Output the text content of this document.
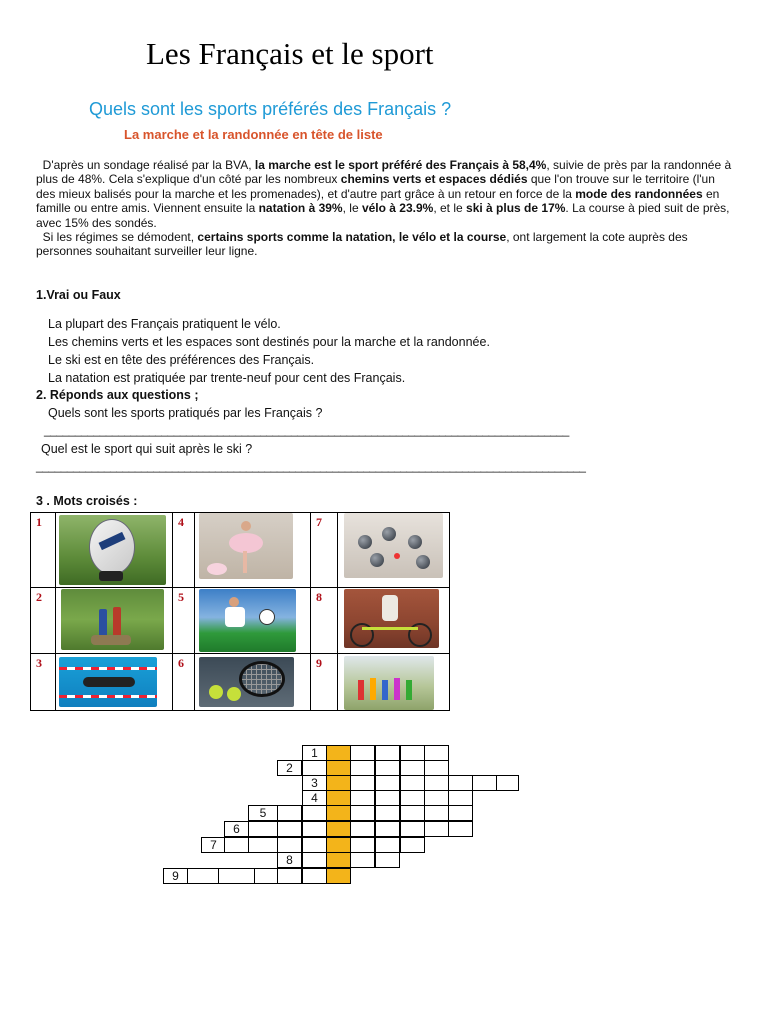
Les Français et le sport
Quels sont les sports préférés des Français ?
La marche et la randonnée en tête de liste

D'après un sondage réalisé par la BVA, la marche est le sport préféré des Français à 58,4%, suivie de près par la randonnée à plus de 48%. Cela s'explique d'un côté par les nombreux chemins verts et espaces dédiés que l'on trouve sur le territoire (l'un des mieux balisés pour la marche et les promenades), et d'autre part grâce à un retour en force de la mode des randonnées en famille ou entre amis. Viennent ensuite la natation à 39%, le vélo à 23.9%, et le ski à plus de 17%. La course à pied suit de près, avec 15% des sondés.

Si les régimes se démodent, certains sports comme la natation, le vélo et la course, ont largement la cote auprès des personnes souhaitant surveiller leur ligne.

1.Vrai ou Faux
La plupart des Français pratiquent le vélo.
Les chemins verts et les espaces sont destinés pour la marche et la randonnée.
Le ski est en tête des préférences des Français.
La natation est pratiquée par trente-neuf pour cent des Français.
2. Réponds aux questions ;
Quels sont les sports pratiqués par les Français ?
_____________________________________________________________________________________
Quel est le sport qui suit après le ski ?
_________________________________________________________________________________________
3 . Mots croisés :
1
2
3
4
5
6
7
8
9
1
2
3
4
5
6
7
8
9
